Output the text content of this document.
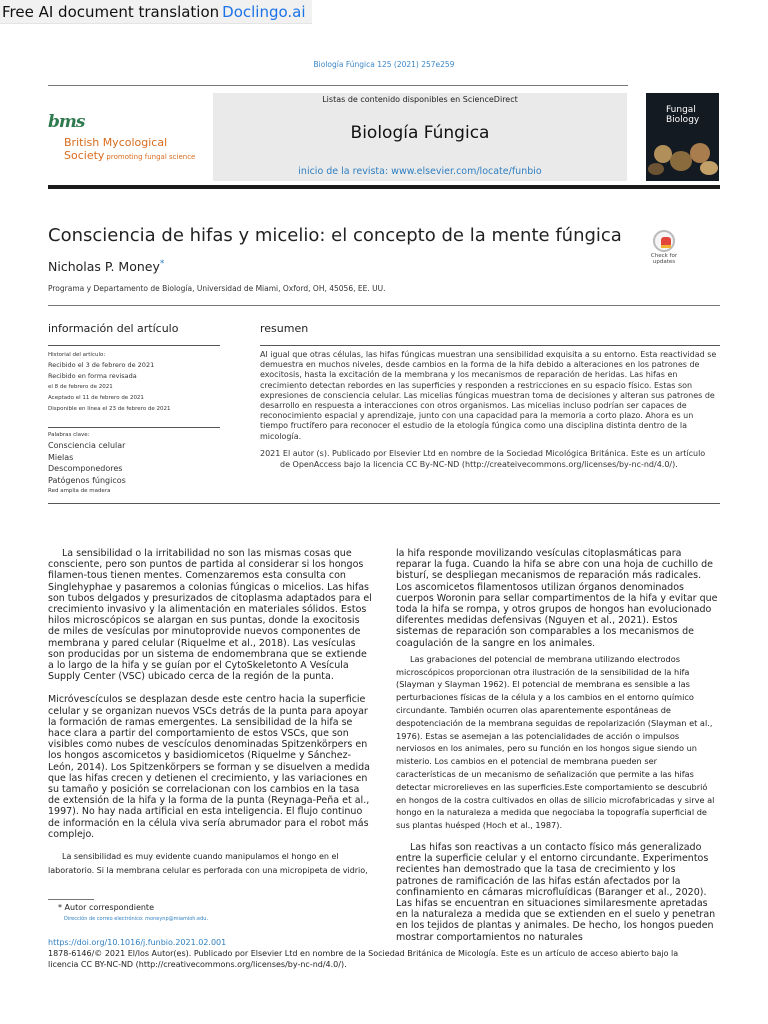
Free AI document translation Doclingo.ai
Biología Fúngica 125 (2021) 257e259
bms
British Mycological
Society promoting fungal science
Listas de contenido disponibles en ScienceDirect
Biología Fúngica
inicio de la revista: www.elsevier.com/locate/funbio
Fungal
Biology
Consciencia de hifas y micelio: el concepto de la mente fúngica
Nicholas P. Money*
Programa y Departamento de Biología, Universidad de Miami, Oxford, OH, 45056, EE. UU.
Check for
updates
información del artículo	resumen
Historial del artículo:
Recibido el 3 de febrero de 2021
Recibido en forma revisada
el 8 de febrero de 2021
Aceptado el 11 de febrero de 2021
Disponible en línea el 23 de febrero de 2021
Palabras clave:
Consciencia celular
Mielas
Descomponedores
Patógenos fúngicos
Red amplia de madera
Al igual que otras células, las hifas fúngicas muestran una sensibilidad exquisita a su entorno. Esta reactividad se demuestra en muchos niveles, desde cambios en la forma de la hifa debido a alteraciones en los patrones de exocitosis, hasta la excitación de la membrana y los mecanismos de reparación de heridas. Las hifas en crecimiento detectan rebordes en las superficies y responden a restricciones en su espacio físico. Estas son expresiones de consciencia celular. Las micelias fúngicas muestran toma de decisiones y alteran sus patrones de desarrollo en respuesta a interacciones con otros organismos. Las micelias incluso podrían ser capaces de reconocimiento espacial y aprendizaje, junto con una capacidad para la memoria a corto plazo. Ahora es un tiempo fructífero para reconocer el estudio de la etología fúngica como una disciplina distinta dentro de la micología.
2021 El autor (s). Publicado por Elsevier Ltd en nombre de la Sociedad Micológica Británica. Este es un artículo
de OpenAccess bajo la licencia CC By-NC-ND (http://createivecommons.org/licenses/by-nc-nd/4.0/).

La sensibilidad o la irritabilidad no son las mismas cosas que consciente, pero son puntos de partida al considerar si los hongos filamen-tous tienen mentes. Comenzaremos esta consulta con Singlehyphae y pasaremos a colonias fúngicas o micelios. Las hifas son tubos delgados y presurizados de citoplasma adaptados para el crecimiento invasivo y la alimentación en materiales sólidos. Estos hilos microscópicos se alargan en sus puntas, donde la exocitosis de miles de vesículas por minutoprovide nuevos componentes de membrana y pared celular (Riquelme et al., 2018). Las vesículas son producidas por un sistema de endomembrana que se extiende a lo largo de la hifa y se guían por el CytoSkeletonto A Vesícula Supply Center (VSC) ubicado cerca de la región de la punta.

Micróvescículos se desplazan desde este centro hacia la superficie celular y se organizan nuevos VSCs detrás de la punta para apoyar la formación de ramas emergentes. La sensibilidad de la hifa se hace clara a partir del comportamiento de estos VSCs, que son visibles como nubes de vescículos denominadas Spitzenkörpers en los hongos ascomicetos y basidiomicetos (Riquelme y Sánchez-León, 2014). Los Spitzenkörpers se forman y se disuelven a medida que las hifas crecen y detienen el crecimiento, y las variaciones en su tamaño y posición se correlacionan con los cambios en la tasa de extensión de la hifa y la forma de la punta (Reynaga-Peña et al., 1997). No hay nada artificial en esta inteligencia. El flujo continuo de información en la célula viva sería abrumador para el robot más complejo.

La sensibilidad es muy evidente cuando manipulamos el hongo en el laboratorio. Si la membrana celular es perforada con una micropipeta de vidrio,

la hifa responde movilizando vesículas citoplasmáticas para reparar la fuga. Cuando la hifa se abre con una hoja de cuchillo de bisturí, se despliegan mecanismos de reparación más radicales. Los ascomicetos filamentosos utilizan órganos denominados cuerpos Woronin para sellar compartimentos de la hifa y evitar que toda la hifa se rompa, y otros grupos de hongos han evolucionado diferentes medidas defensivas (Nguyen et al., 2021). Estos sistemas de reparación son comparables a los mecanismos de coagulación de la sangre en los animales.

Las grabaciones del potencial de membrana utilizando electrodos microscópicos proporcionan otra ilustración de la sensibilidad de la hifa (Slayman y Slayman 1962). El potencial de membrana es sensible a las perturbaciones físicas de la célula y a los cambios en el entorno químico circundante. También ocurren olas aparentemente espontáneas de despotenciación de la membrana seguidas de repolarización (Slayman et al., 1976). Estas se asemejan a las potencialidades de acción o impulsos nerviosos en los animales, pero su función en los hongos sigue siendo un misterio. Los cambios en el potencial de membrana pueden ser características de un mecanismo de señalización que permite a las hifas detectar microrelieves en las superficies.Este comportamiento se descubrió en hongos de la costra cultivados en ollas de silicio microfabricadas y sirve al hongo en la naturaleza a medida que negociaba la topografía superficial de sus plantas huésped (Hoch et al., 1987).

Las hifas son reactivas a un contacto físico más generalizado entre la superficie celular y el entorno circundante. Experimentos recientes han demostrado que la tasa de crecimiento y los patrones de ramificación de las hifas están afectados por la confinamiento en cámaras microfluídicas (Baranger et al., 2020). Las hifas se encuentran en situaciones similaresmente apretadas en la naturaleza a medida que se extienden en el suelo y penetran en los tejidos de plantas y animales. De hecho, los hongos pueden mostrar comportamientos no naturales

* Autor correspondiente
Dirección de correo electrónico: moneynp@miamioh.edu.
https://doi.org/10.1016/j.funbio.2021.02.001
1878-6146/© 2021 El/los Autor(es). Publicado por Elsevier Ltd en nombre de la Sociedad Británica de Micología. Este es un artículo de acceso abierto bajo la licencia CC BY-NC-ND (http://creativecommons.org/licenses/by-nc-nd/4.0/).
